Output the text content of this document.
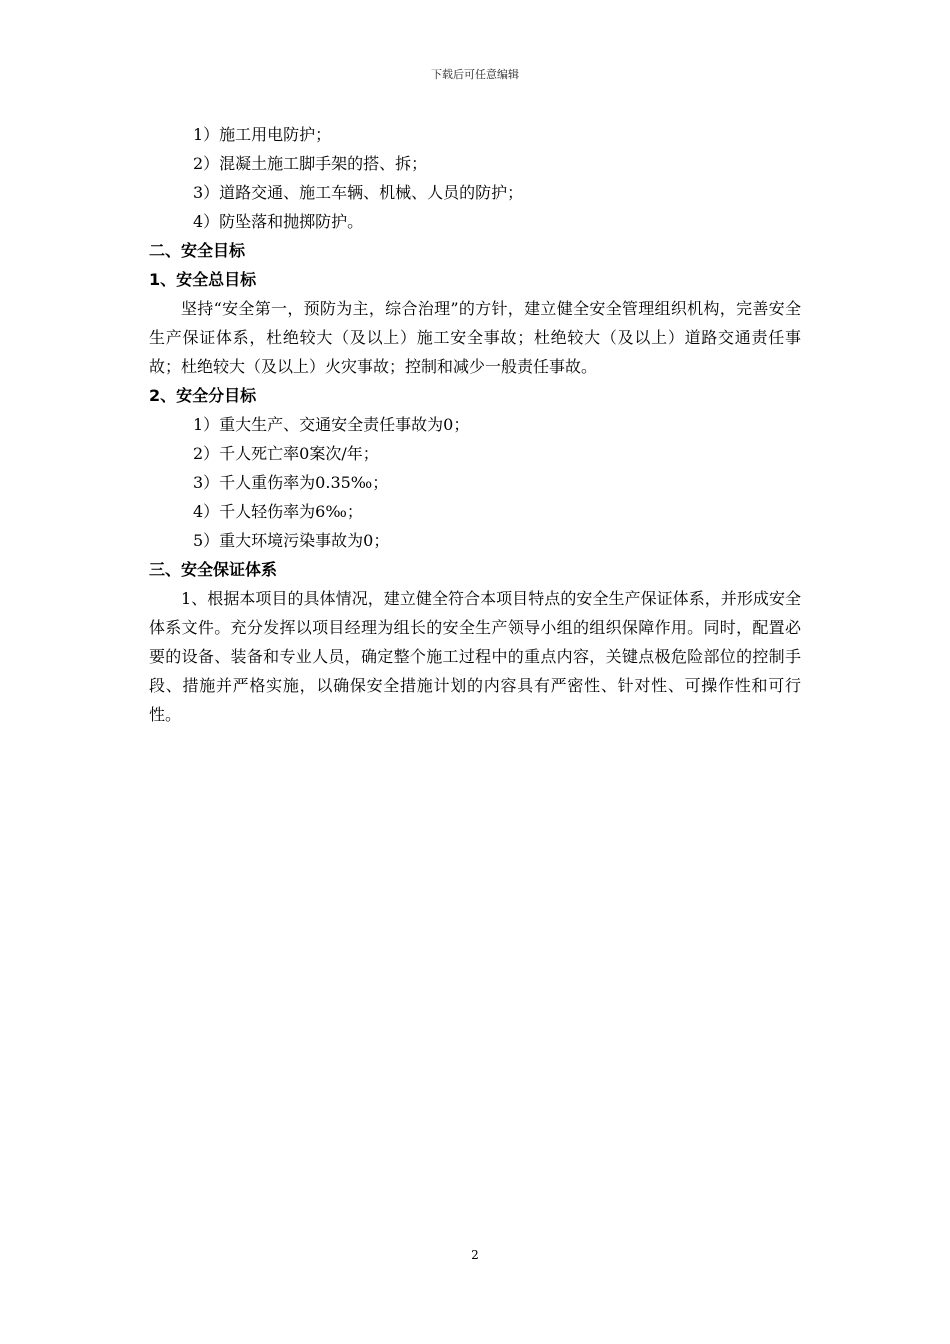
下载后可任意编辑
1）施工用电防护；
2）混凝土施工脚手架的搭、拆；
3）道路交通、施工车辆、机械、人员的防护；
4）防坠落和抛掷防护。
二、安全目标
1、安全总目标

坚持“安全第一，预防为主，综合治理”的方针，建立健全安全管理组织机构，完善安全生产保证体系，杜绝较大（及以上）施工安全事故；杜绝较大（及以上）道路交通责任事故；杜绝较大（及以上）火灾事故；控制和减少一般责任事故。

2、安全分目标
1）重大生产、交通安全责任事故为0；
2）千人死亡率0案次/年；
3）千人重伤率为0.35‰；
4）千人轻伤率为6‰；
5）重大环境污染事故为0；
三、安全保证体系

1、根据本项目的具体情况，建立健全符合本项目特点的安全生产保证体系，并形成安全体系文件。充分发挥以项目经理为组长的安全生产领导小组的组织保障作用。同时，配置必要的设备、装备和专业人员，确定整个施工过程中的重点内容，关键点极危险部位的控制手段、措施并严格实施，以确保安全措施计划的内容具有严密性、针对性、可操作性和可行性。

2
